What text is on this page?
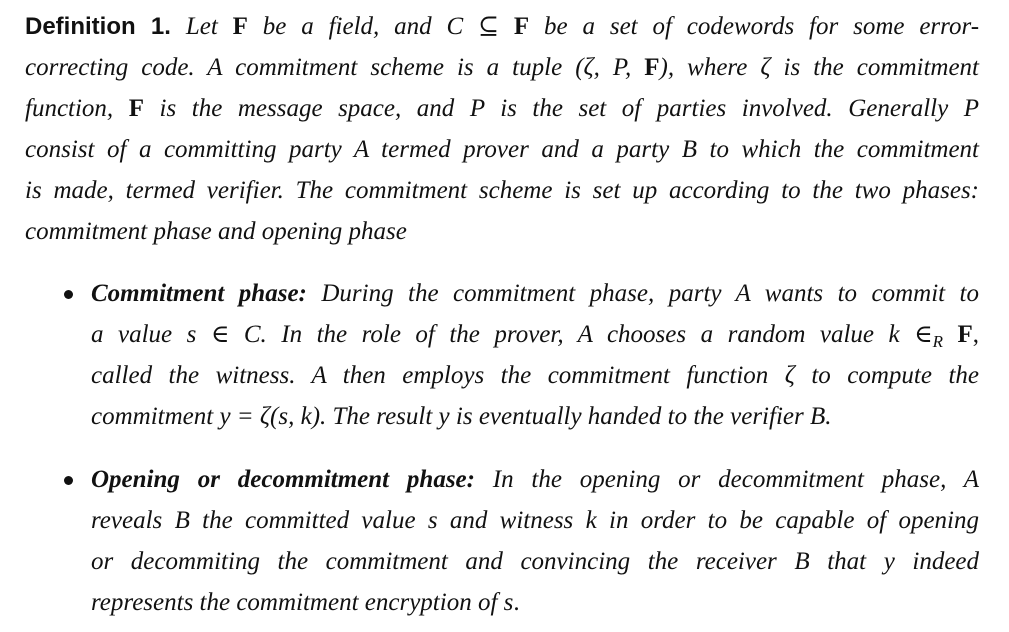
Definition 1. Let F be a field, and C ⊆ F be a set of codewords for some error-
correcting code. A commitment scheme is a tuple (ζ, P, F), where ζ is the commitment
function, F is the message space, and P is the set of parties involved. Generally P
consist of a committing party A termed prover and a party B to which the commitment
is made, termed verifier. The commitment scheme is set up according to the two phases:
commitment phase and opening phase
Commitment phase: During the commitment phase, party A wants to commit to
a value s ∈ C. In the role of the prover, A chooses a random value k $\in_R$ F,
called the witness. A then employs the commitment function ζ to compute the
commitment y = ζ(s, k). The result y is eventually handed to the verifier B.
Opening or decommitment phase: In the opening or decommitment phase, A
reveals B the committed value s and witness k in order to be capable of opening
or decommiting the commitment and convincing the receiver B that y indeed
represents the commitment encryption of s.
